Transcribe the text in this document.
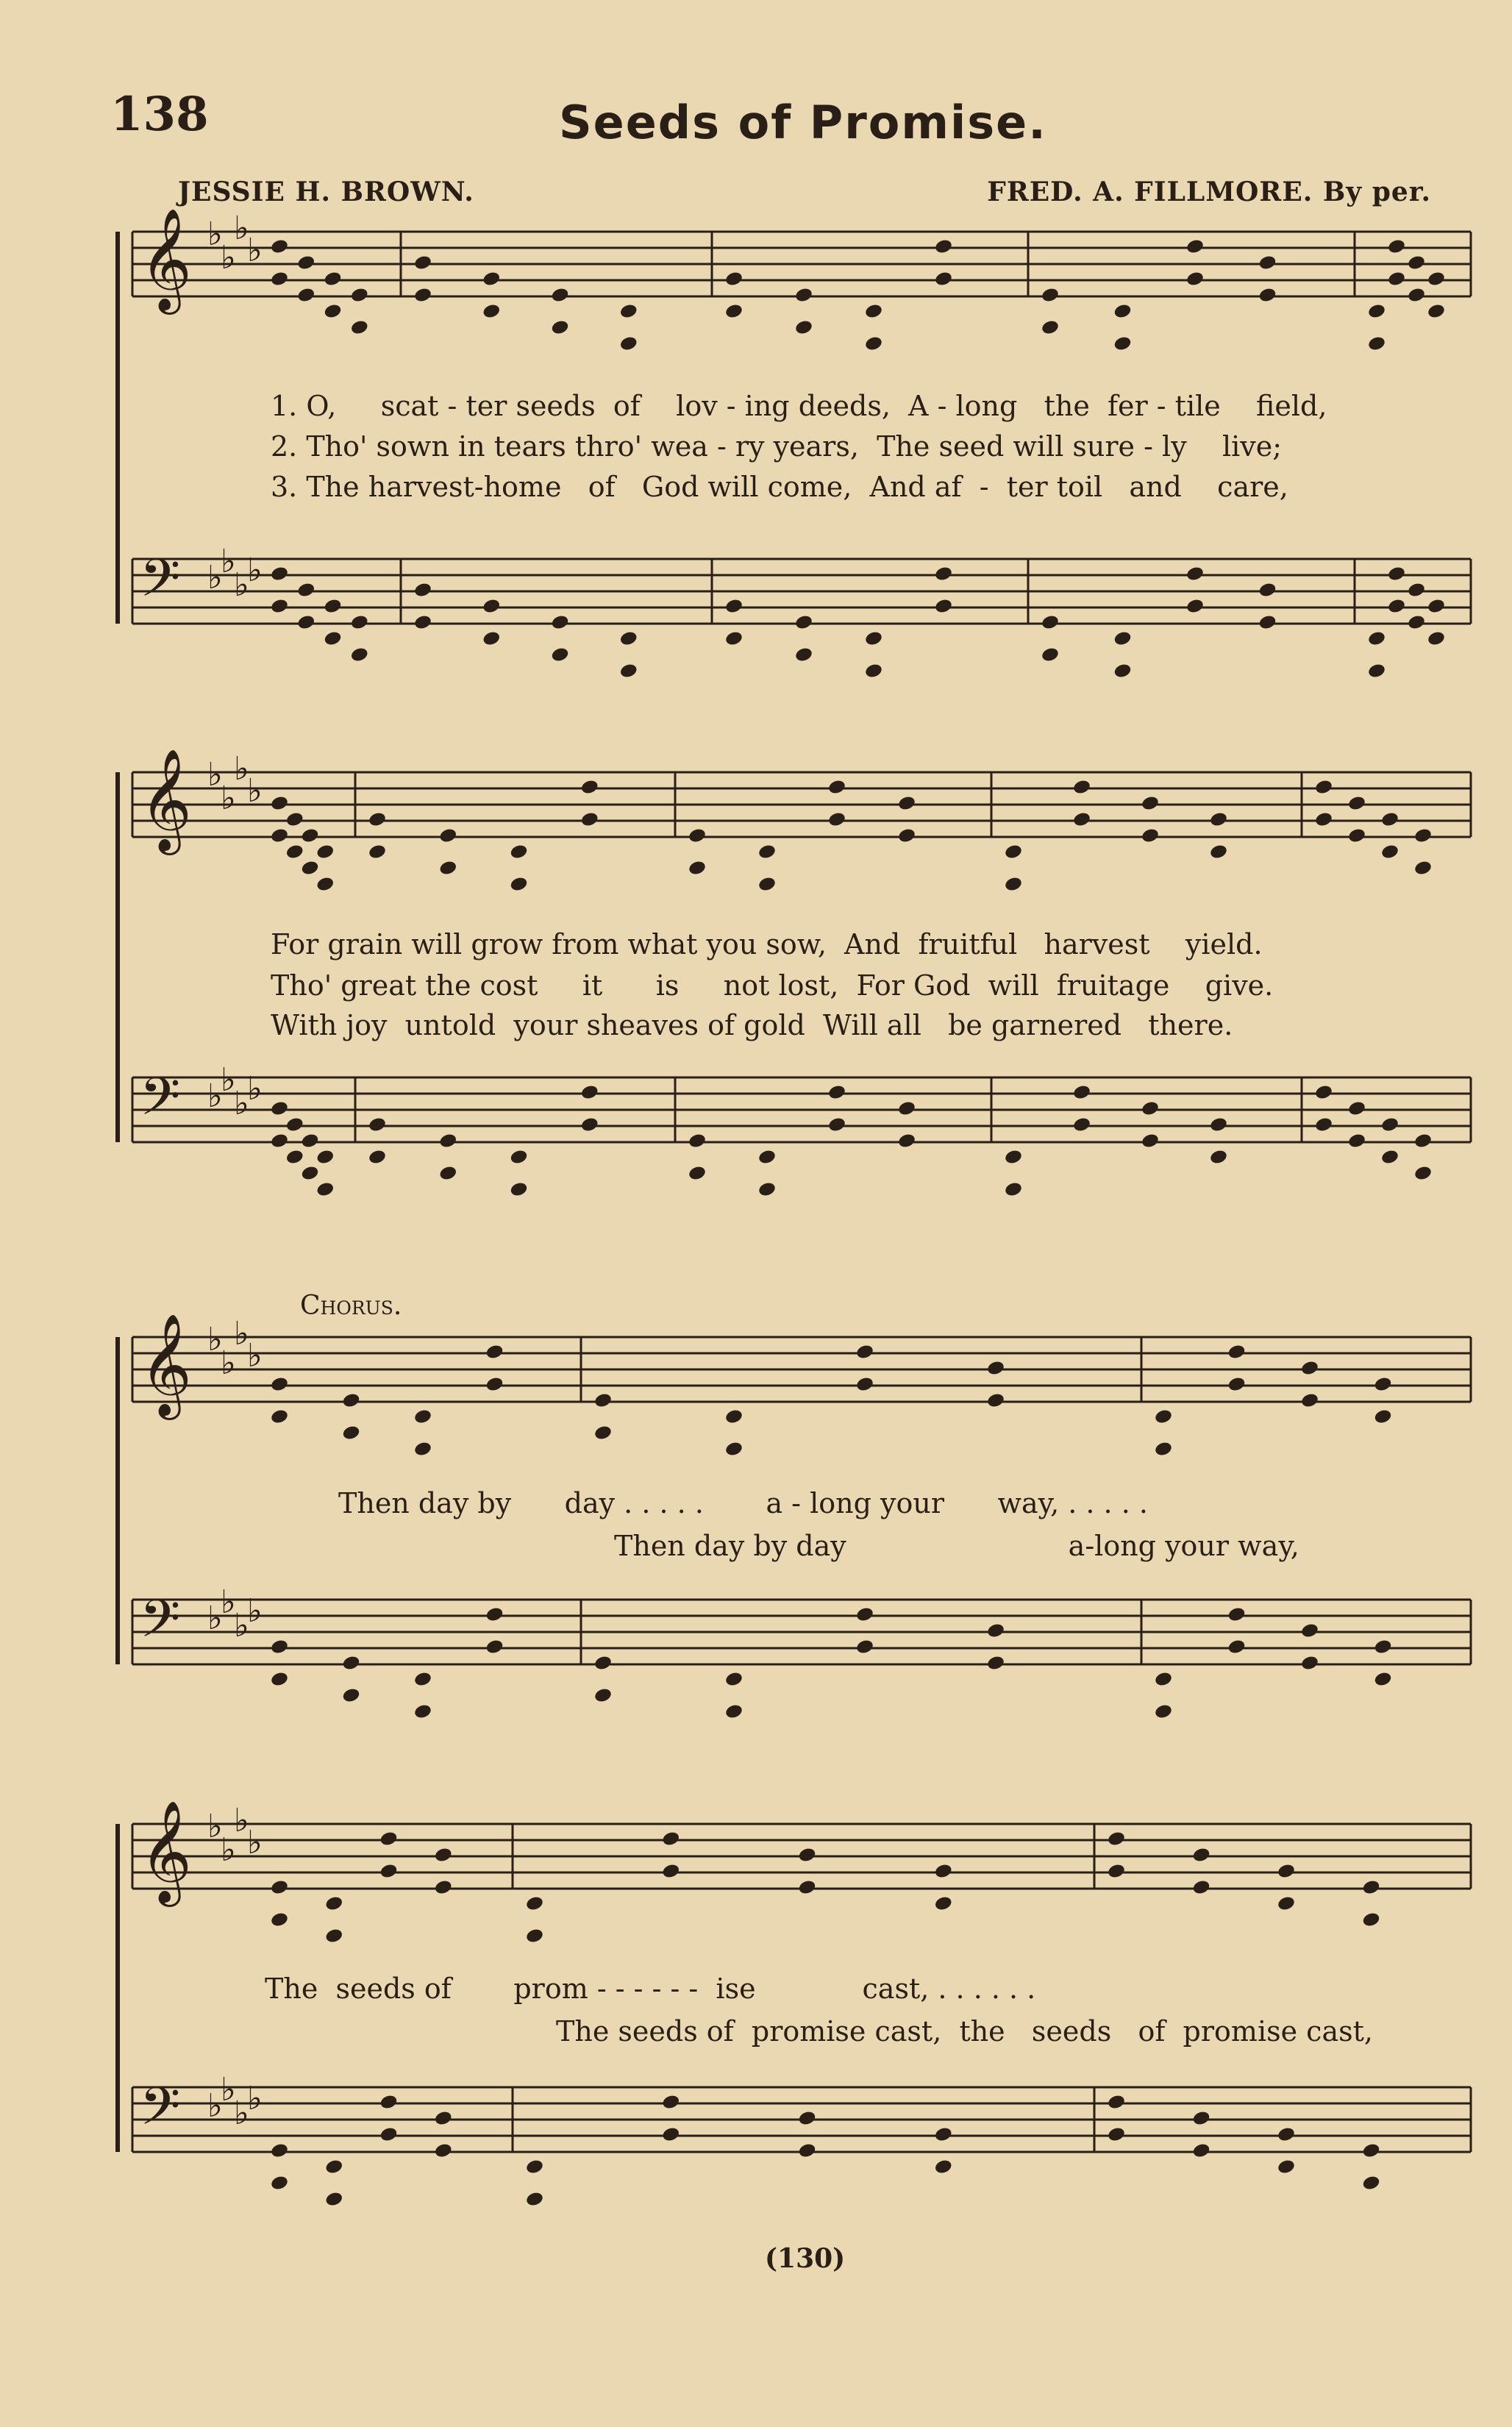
138	Seeds of Promise.
JESSIE H. BROWN.	FRED. A. FILLMORE. By per.
𝄞 ♭
♭
♭
♭
𝄢 ♭
♭
♭
♭
𝄞 ♭
♭
♭
♭
𝄢 ♭
♭
♭
♭
𝄞 ♭
♭
♭
♭
𝄢 ♭
♭
♭
♭
𝄞 ♭
♭
♭
♭
𝄢 ♭
♭
♭
♭
1. O,     scat - ter seeds  of    lov - ing deeds,  A - long   the  fer - tile    field,
2. Tho' sown in tears thro' wea - ry years,  The seed will sure - ly    live;
3. The harvest-home   of   God will come,  And af  -  ter toil   and    care,
For grain will grow from what you sow,  And  fruitful   harvest    yield.
Tho' great the cost     it      is     not lost,  For God  will  fruitage    give.
With joy  untold  your sheaves of gold  Will all   be garnered   there.
Chorus.
Then day by      day . . . . .       a - long your      way, . . . . .
Then day by day                         a-long your way,
The  seeds of       prom - - - - - -  ise            cast, . . . . . .
The seeds of  promise cast,  the   seeds   of  promise cast,
(130)
